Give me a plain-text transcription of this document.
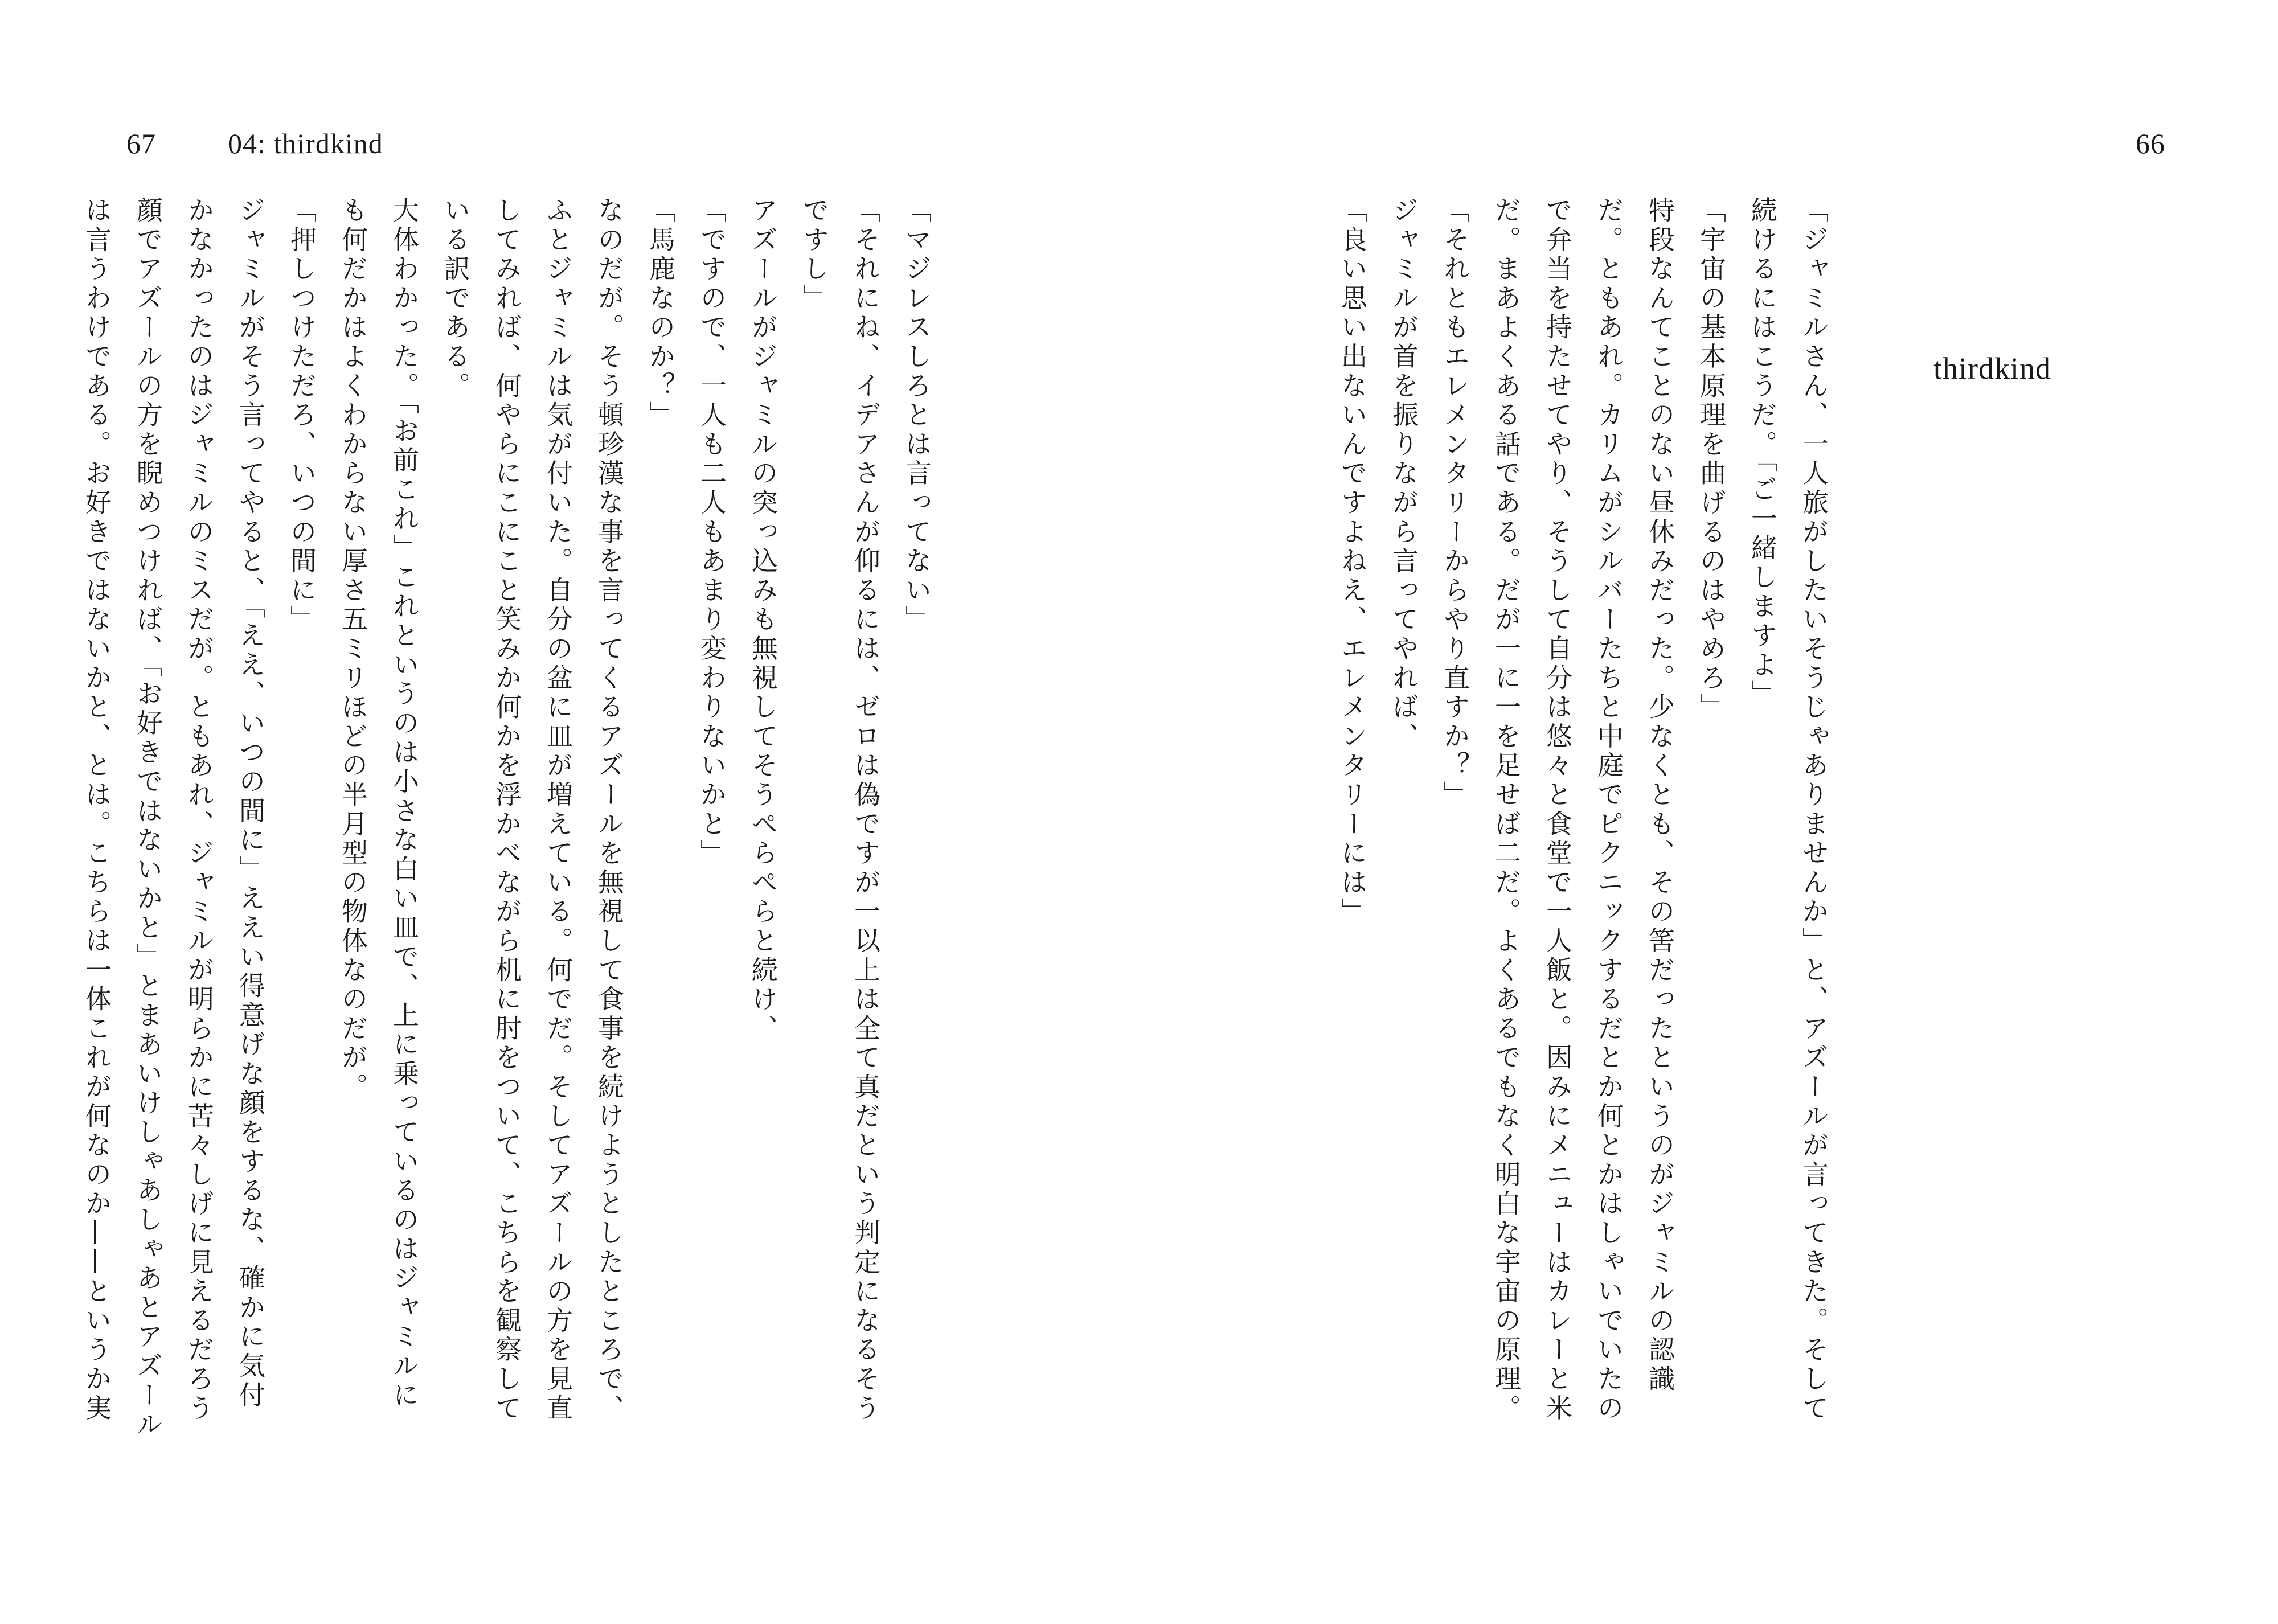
67	04: thirdkind	66
thirdkind
「ジャミルさん、一人旅がしたいそうじゃありませんか」と、アズールが言ってきた。そして
続けるにはこうだ。「ご一緒しますよ」
「宇宙の基本原理を曲げるのはやめろ」
特段なんてことのない昼休みだった。少なくとも、その筈だったというのがジャミルの認識
だ。ともあれ。カリムがシルバーたちと中庭でピクニックするだとか何とかはしゃいでいたの
で弁当を持たせてやり、そうして自分は悠々と食堂で一人飯と。因みにメニューはカレーと米
だ。まあよくある話である。だが一に一を足せば二だ。よくあるでもなく明白な宇宙の原理。
「それともエレメンタリーからやり直すか？」
ジャミルが首を振りながら言ってやれば、
「良い思い出ないんですよねえ、エレメンタリーには」
「マジレスしろとは言ってない」
「それにね、イデアさんが仰るには、ゼロは偽ですが一以上は全て真だという判定になるそう
ですし」
アズールがジャミルの突っ込みも無視してそうぺらぺらと続け、
「ですので、一人も二人もあまり変わりないかと」
「馬鹿なのか？」
なのだが。そう頓珍漢な事を言ってくるアズールを無視して食事を続けようとしたところで、
ふとジャミルは気が付いた。自分の盆に皿が増えている。何でだ。そしてアズールの方を見直
してみれば、何やらにこにこと笑みか何かを浮かべながら机に肘をついて、こちらを観察して
いる訳である。
大体わかった。「お前これ」これというのは小さな白い皿で、上に乗っているのはジャミルに
も何だかはよくわからない厚さ五ミリほどの半月型の物体なのだが。
「押しつけただろ、いつの間に」
ジャミルがそう言ってやると、「ええ、いつの間に」ええい得意げな顔をするな、確かに気付
かなかったのはジャミルのミスだが。ともあれ、ジャミルが明らかに苦々しげに見えるだろう
顔でアズールの方を睨めつければ、「お好きではないかと」とまあいけしゃあしゃあとアズール
は言うわけである。お好きではないかと、とは。こちらは一体これが何なのか——というか実
